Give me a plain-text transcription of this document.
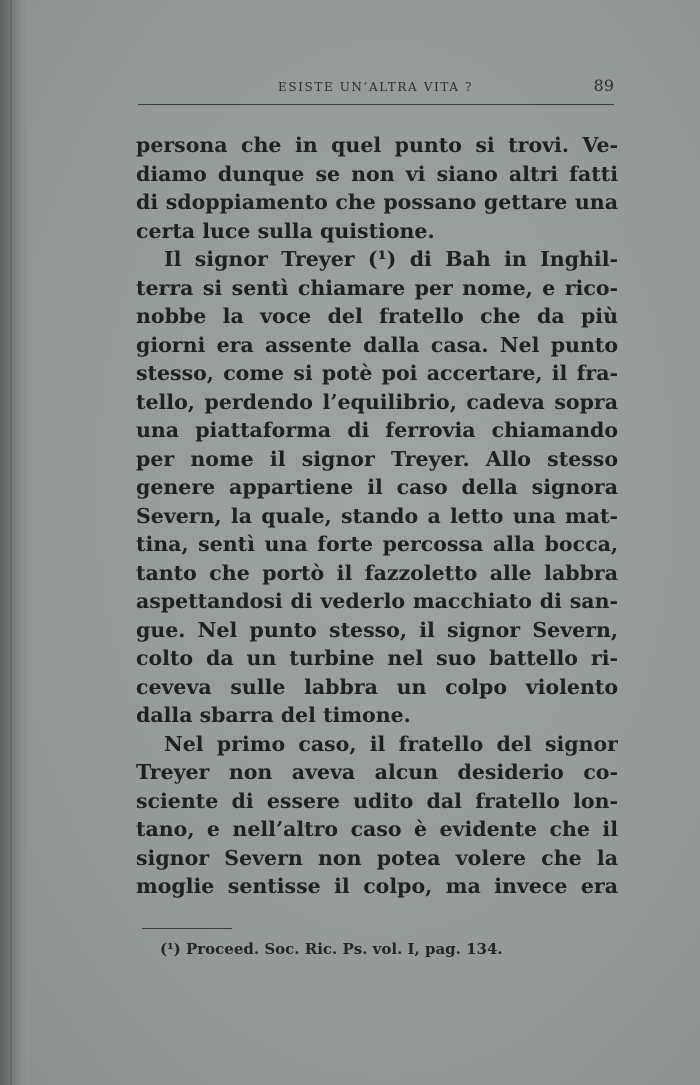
ESISTE UN’ALTRA VITA ?	89
persona che in quel punto si trovi. Ve-
diamo dunque se non vi siano altri fatti
di sdoppiamento che possano gettare una
certa luce sulla quistione.
Il signor Treyer (¹) di Bah in Inghil-
terra si sentì chiamare per nome, e rico-
nobbe la voce del fratello che da più
giorni era assente dalla casa. Nel punto
stesso, come si potè poi accertare, il fra-
tello, perdendo l’equilibrio, cadeva sopra
una piattaforma di ferrovia chiamando
per nome il signor Treyer. Allo stesso
genere appartiene il caso della signora
Severn, la quale, stando a letto una mat-
tina, sentì una forte percossa alla bocca,
tanto che portò il fazzoletto alle labbra
aspettandosi di vederlo macchiato di san-
gue. Nel punto stesso, il signor Severn,
colto da un turbine nel suo battello ri-
ceveva sulle labbra un colpo violento
dalla sbarra del timone.
Nel primo caso, il fratello del signor
Treyer non aveva alcun desiderio co-
sciente di essere udito dal fratello lon-
tano, e nell’altro caso è evidente che il
signor Severn non potea volere che la
moglie sentisse il colpo, ma invece era
(¹) Proceed. Soc. Ric. Ps. vol. I, pag. 134.
